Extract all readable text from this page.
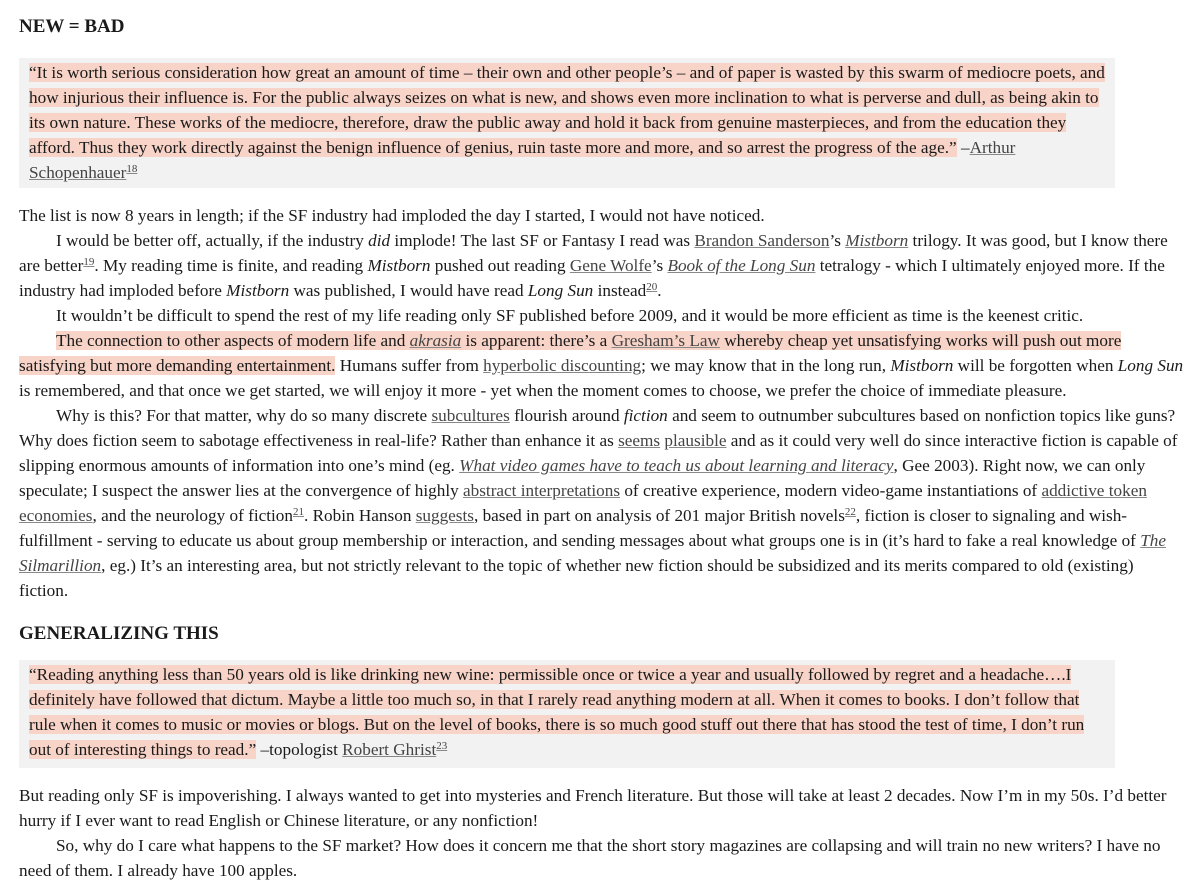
NEW = BAD
“It is worth serious consideration how great an amount of time – their own and other people’s – and of paper is wasted by this swarm of mediocre poets, and how injurious their influence is. For the public always seizes on what is new, and shows even more inclination to what is perverse and dull, as being akin to its own nature. These works of the mediocre, therefore, draw the public away and hold it back from genuine masterpieces, and from the education they afford. Thus they work directly against the benign influence of genius, ruin taste more and more, and so arrest the progress of the age.” –Arthur Schopenhauer$^{18}$

The list is now 8 years in length; if the SF industry had imploded the day I started, I would not have noticed.

I would be better off, actually, if the industry did implode! The last SF or Fantasy I read was Brandon Sanderson’s Mistborn trilogy. It was good, but I know there are better$^{19}$. My reading time is finite, and reading Mistborn pushed out reading Gene Wolfe’s Book of the Long Sun tetralogy - which I ultimately enjoyed more. If the industry had imploded before Mistborn was published, I would have read Long Sun instead$^{20}$.

It wouldn’t be difficult to spend the rest of my life reading only SF published before 2009, and it would be more efficient as time is the keenest critic.

The connection to other aspects of modern life and akrasia is apparent: there’s a Gresham’s Law whereby cheap yet unsatisfying works will push out more satisfying but more demanding entertainment. Humans suffer from hyperbolic discounting; we may know that in the long run, Mistborn will be forgotten when Long Sun is remembered, and that once we get started, we will enjoy it more - yet when the moment comes to choose, we prefer the choice of immediate pleasure.

Why is this? For that matter, why do so many discrete subcultures flourish around fiction and seem to outnumber subcultures based on nonfiction topics like guns? Why does fiction seem to sabotage effectiveness in real-life? Rather than enhance it as seems plausible and as it could very well do since interactive fiction is capable of slipping enormous amounts of information into one’s mind (eg. What video games have to teach us about learning and literacy, Gee 2003). Right now, we can only speculate; I suspect the answer lies at the convergence of highly abstract interpretations of creative experience, modern video-game instantiations of addictive token economies, and the neurology of fiction$^{21}$. Robin Hanson suggests, based in part on analysis of 201 major British novels$^{22}$, fiction is closer to signaling and wish-fulfillment - serving to educate us about group membership or interaction, and sending messages about what groups one is in (it’s hard to fake a real knowledge of The Silmarillion, eg.) It’s an interesting area, but not strictly relevant to the topic of whether new fiction should be subsidized and its merits compared to old (existing) fiction.

GENERALIZING THIS
“Reading anything less than 50 years old is like drinking new wine: permissible once or twice a year and usually followed by regret and a headache….I definitely have followed that dictum. Maybe a little too much so, in that I rarely read anything modern at all. When it comes to books. I don’t follow that rule when it comes to music or movies or blogs. But on the level of books, there is so much good stuff out there that has stood the test of time, I don’t run out of interesting things to read.” –topologist Robert Ghrist$^{23}$

But reading only SF is impoverishing. I always wanted to get into mysteries and French literature. But those will take at least 2 decades. Now I’m in my 50s. I’d better hurry if I ever want to read English or Chinese literature, or any nonfiction!

So, why do I care what happens to the SF market? How does it concern me that the short story magazines are collapsing and will train no new writers? I have no need of them. I already have 100 apples.
